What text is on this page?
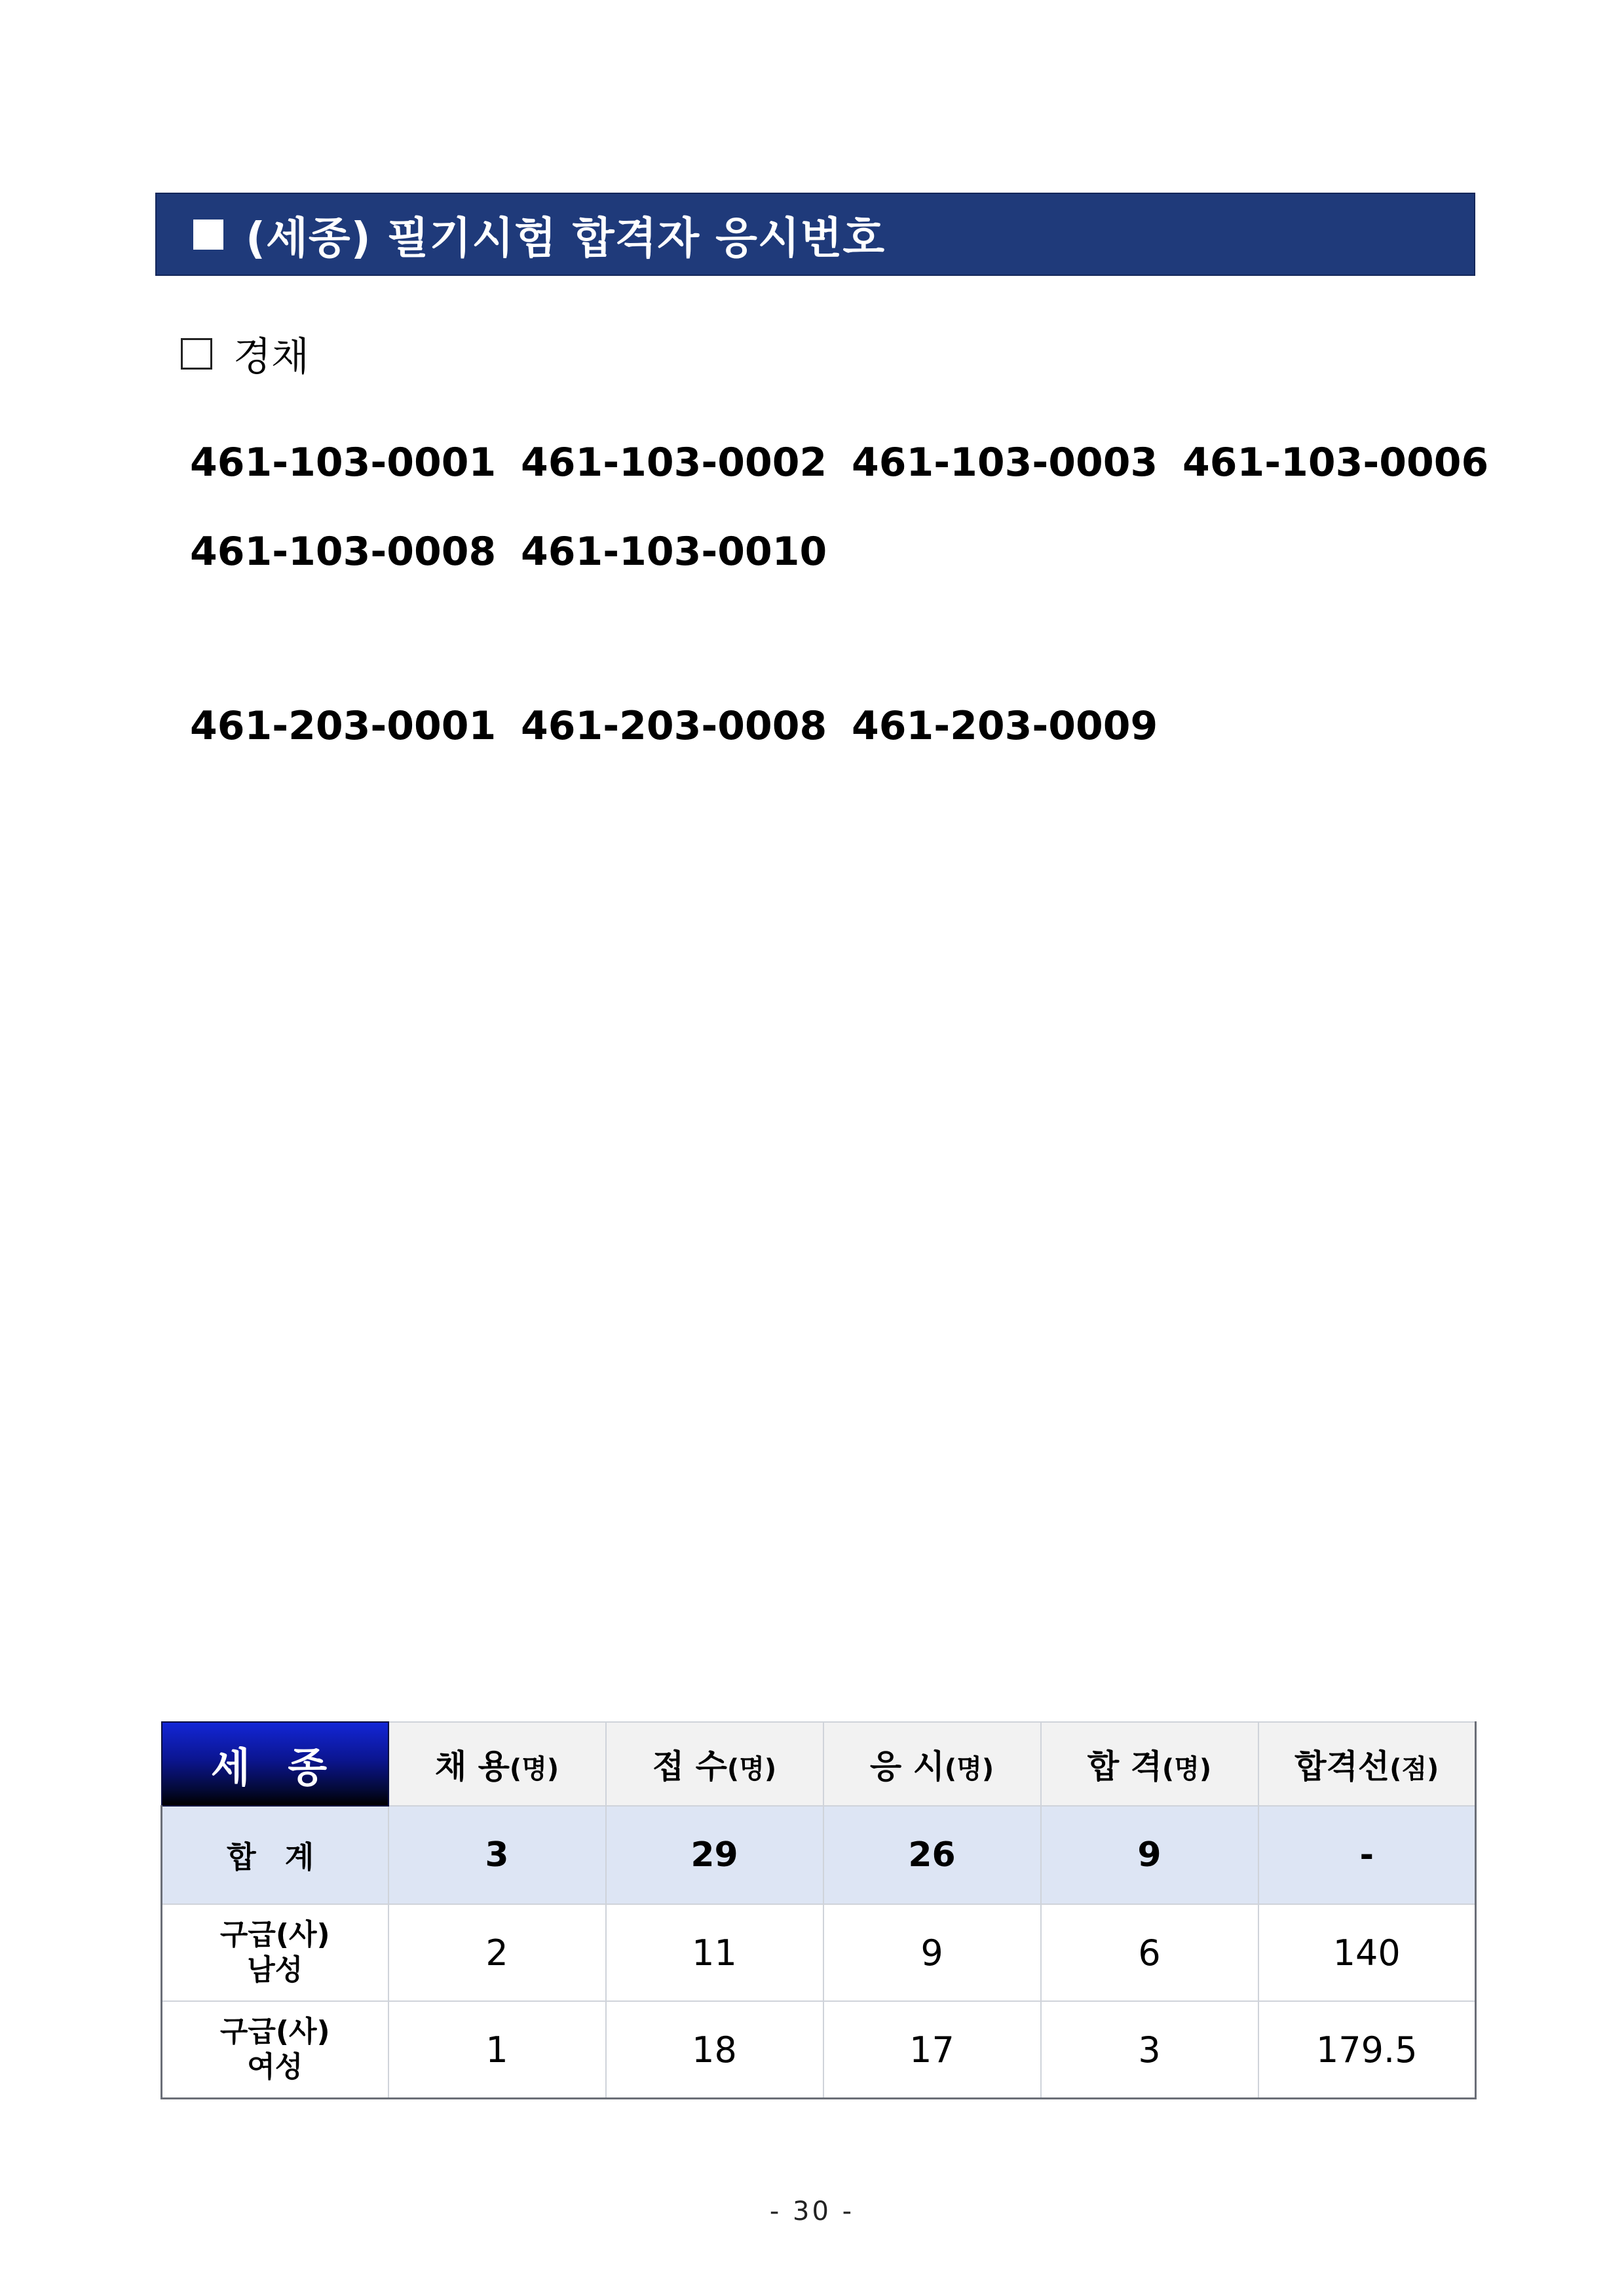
(세종) 필기시험 합격자 응시번호
경채
461-103-0001 461-103-0002 461-103-0003 461-103-0006
461-103-0008 461-103-0010
461-203-0001 461-203-0008 461-203-0009
세 종	채 용(명)	접 수(명)	응 시(명)	합 격(명)	합격선(점)
합 계	3	29	26	9	-

구급(사)
남성	2	11	9	6	140

구급(사)
여성	1	18	17	3	179.5
- 30 -
